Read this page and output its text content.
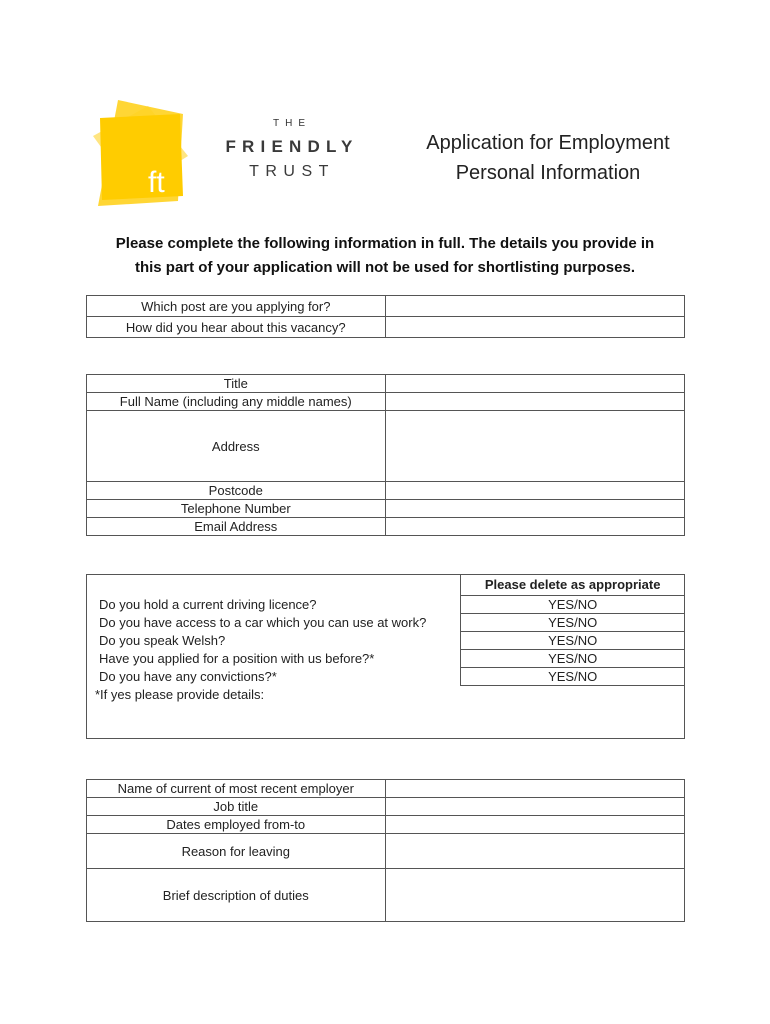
ft
THE
FRIENDLY
TRUST
Application for Employment
Personal Information
Please complete the following information in full. The details you provide in
this part of your application will not be used for shortlisting purposes.
Which post are you applying for?	
How did you hear about this vacancy?	
Title	
Full Name (including any middle names)	
Address	
Postcode	
Telephone Number	
Email Address	
	Please delete as appropriate
Do you hold a current driving licence?	YES/NO
Do you have access to a car which you can use at work?	YES/NO
Do you speak Welsh?	YES/NO
Have you applied for a position with us before?*	YES/NO
Do you have any convictions?*	YES/NO
*If yes please provide details:	
Name of current of most recent employer	
Job title	
Dates employed from-to	
Reason for leaving	
Brief description of duties	
